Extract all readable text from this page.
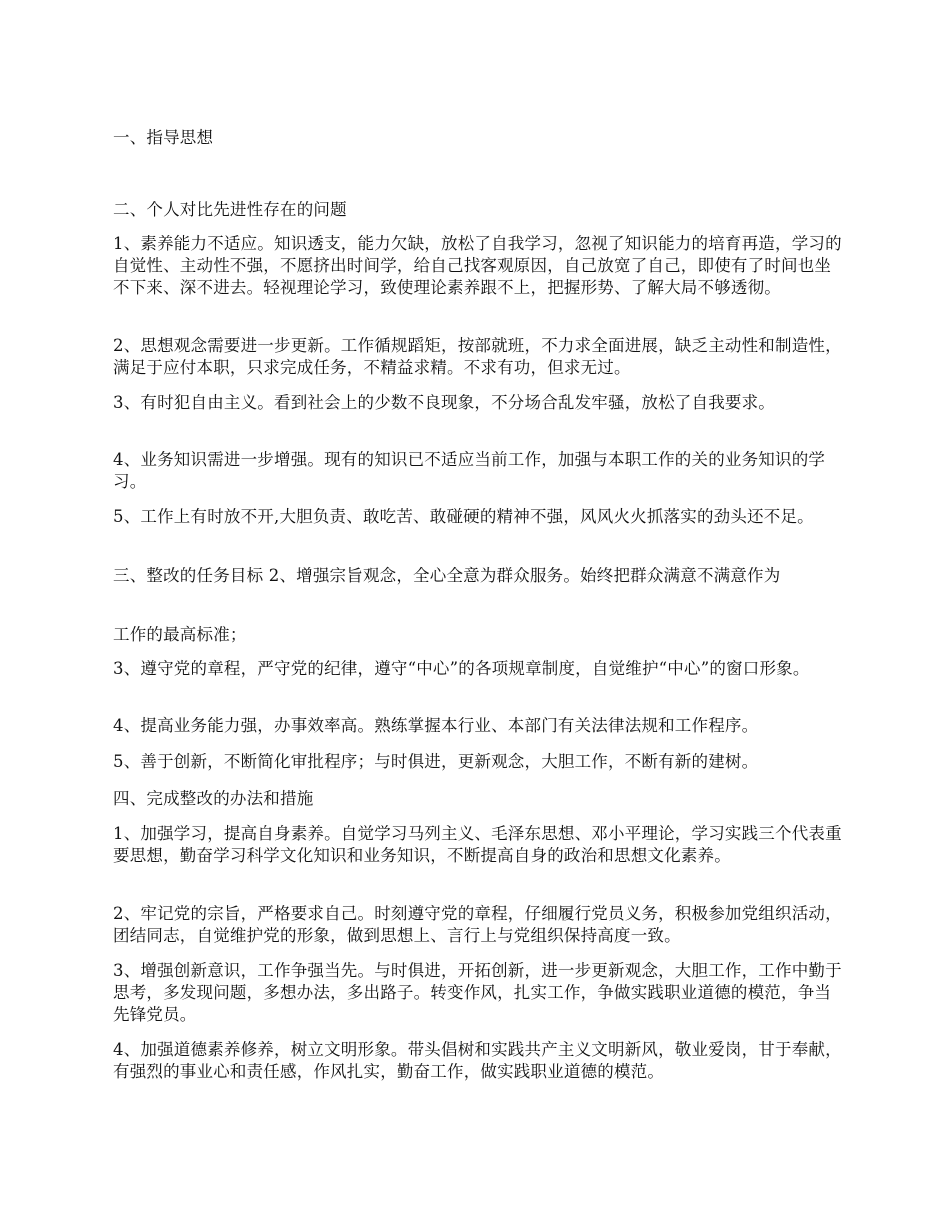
一、指导思想

二、个人对比先进性存在的问题

1、素养能力不适应。知识透支，能力欠缺，放松了自我学习，忽视了知识能力的培育再造，学习的自觉性、主动性不强，不愿挤出时间学，给自己找客观原因，自己放宽了自己，即使有了时间也坐不下来、深不进去。轻视理论学习，致使理论素养跟不上，把握形势、了解大局不够透彻。

2、思想观念需要进一步更新。工作循规蹈矩，按部就班，不力求全面进展，缺乏主动性和制造性，满足于应付本职，只求完成任务，不精益求精。不求有功，但求无过。

3、有时犯自由主义。看到社会上的少数不良现象，不分场合乱发牢骚，放松了自我要求。

4、业务知识需进一步增强。现有的知识已不适应当前工作，加强与本职工作的关的业务知识的学习。

5、工作上有时放不开,大胆负责、敢吃苦、敢碰硬的精神不强，风风火火抓落实的劲头还不足。

三、整改的任务目标 2、增强宗旨观念，全心全意为群众服务。始终把群众满意不满意作为

工作的最高标准；

3、遵守党的章程，严守党的纪律，遵守“中心”的各项规章制度，自觉维护“中心”的窗口形象。

4、提高业务能力强，办事效率高。熟练掌握本行业、本部门有关法律法规和工作程序。

5、善于创新，不断简化审批程序；与时俱进，更新观念，大胆工作，不断有新的建树。

四、完成整改的办法和措施

1、加强学习，提高自身素养。自觉学习马列主义、毛泽东思想、邓小平理论，学习实践三个代表重要思想，勤奋学习科学文化知识和业务知识，不断提高自身的政治和思想文化素养。

2、牢记党的宗旨，严格要求自己。时刻遵守党的章程，仔细履行党员义务，积极参加党组织活动，团结同志，自觉维护党的形象，做到思想上、言行上与党组织保持高度一致。

3、增强创新意识，工作争强当先。与时俱进，开拓创新，进一步更新观念，大胆工作，工作中勤于思考，多发现问题，多想办法，多出路子。转变作风，扎实工作，争做实践职业道德的模范，争当先锋党员。

4、加强道德素养修养，树立文明形象。带头倡树和实践共产主义文明新风，敬业爱岗，甘于奉献，有强烈的事业心和责任感，作风扎实，勤奋工作，做实践职业道德的模范。
